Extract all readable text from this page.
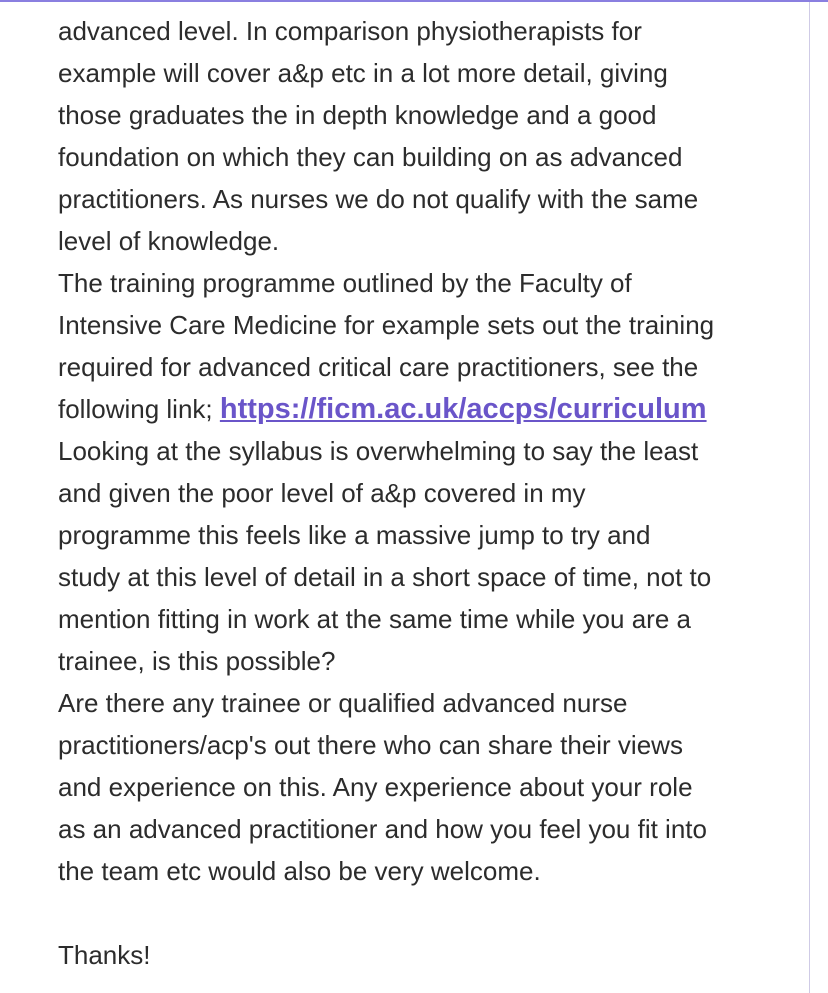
advanced level. In comparison physiotherapists for
example will cover a&p etc in a lot more detail, giving
those graduates the in depth knowledge and a good
foundation on which they can building on as advanced
practitioners. As nurses we do not qualify with the same
level of knowledge.
The training programme outlined by the Faculty of
Intensive Care Medicine for example sets out the training
required for advanced critical care practitioners, see the
following link; https://ficm.ac.uk/accps/curriculum
Looking at the syllabus is overwhelming to say the least
and given the poor level of a&p covered in my
programme this feels like a massive jump to try and
study at this level of detail in a short space of time, not to
mention fitting in work at the same time while you are a
trainee, is this possible?
Are there any trainee or qualified advanced nurse
practitioners/acp's out there who can share their views
and experience on this. Any experience about your role
as an advanced practitioner and how you feel you fit into
the team etc would also be very welcome.
Thanks!
